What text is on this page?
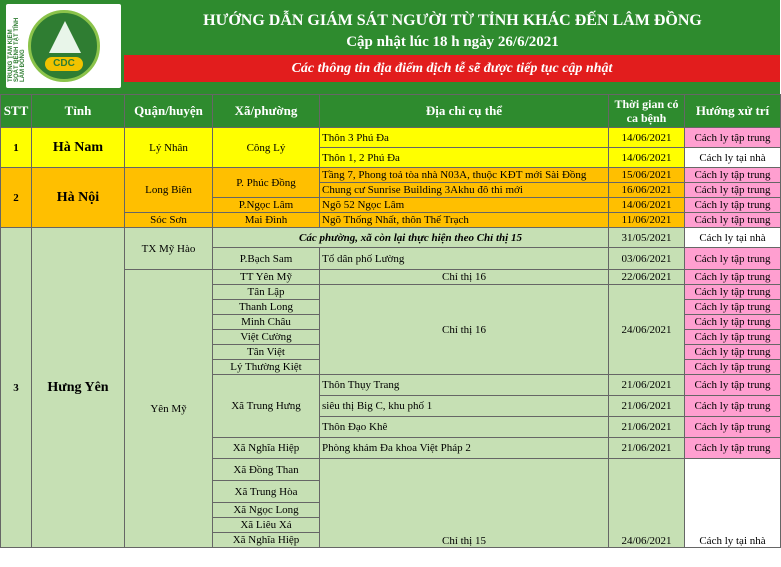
TRUNG TÂM KIỂM SOÁT BỆNH TẬT TỈNH LÂM ĐỒNG	CDC
HƯỚNG DẪN GIÁM SÁT NGƯỜI TỪ TỈNH KHÁC ĐẾN LÂM ĐỒNG
Cập nhật lúc 18 h ngày 26/6/2021
Các thông tin địa điểm dịch tễ sẽ được tiếp tục cập nhật
STT	Tỉnh	Quận/huyện	Xã/phường	Địa chỉ cụ thể	Thời gian có ca bệnh	Hướng xử trí
1	Hà Nam	Lý Nhân	Công Lý	Thôn 3 Phú Đa	14/06/2021	Cách ly tập trung
				Thôn 1, 2 Phú Đa	14/06/2021	Cách ly tại nhà
2	Hà Nội	Long Biên	P. Phúc Đồng	Tầng 7, Phong toả tòa nhà N03A, thuộc KĐT mới Sài Đồng	15/06/2021	Cách ly tập trung
				Chung cư Sunrise Building 3Akhu đô thi mới	16/06/2021	Cách ly tập trung
			P.Ngọc Lâm	Ngõ 52 Ngọc Lâm	14/06/2021	Cách ly tập trung
		Sóc Sơn	Mai Đình	Ngõ Thống Nhất, thôn Thế Trạch	11/06/2021	Cách ly tập trung
3	Hưng Yên	TX Mỹ Hào	Các phường, xã còn lại thực hiện theo Chỉ thị 15		31/05/2021	Cách ly tại nhà
			P.Bạch Sam	Tổ dân phố Lường	03/06/2021	Cách ly tập trung
		Yên Mỹ	TT Yên Mỹ	Chỉ thị 16	22/06/2021	Cách ly tập trung
			Tân Lập	Chỉ thị 16	24/06/2021	Cách ly tập trung
			Thanh Long			Cách ly tập trung
			Minh Châu			Cách ly tập trung
			Việt Cường			Cách ly tập trung
			Tân Việt			Cách ly tập trung
			Lý Thường Kiệt			Cách ly tập trung
			Xã Trung Hưng	Thôn Thụy Trang	21/06/2021	Cách ly tập trung
				siêu thị Big C, khu phố 1	21/06/2021	Cách ly tập trung
				Thôn Đạo Khê	21/06/2021	Cách ly tập trung
			Xã Nghĩa Hiệp	Phòng khám Đa khoa Việt Pháp 2	21/06/2021	Cách ly tập trung
			Xã Đồng Than	Chỉ thị 15	24/06/2021	Cách ly tại nhà
			Xã Trung Hòa			
			Xã Ngọc Long			
			Xã Liêu Xá			
			Xã Nghĩa Hiệp			
